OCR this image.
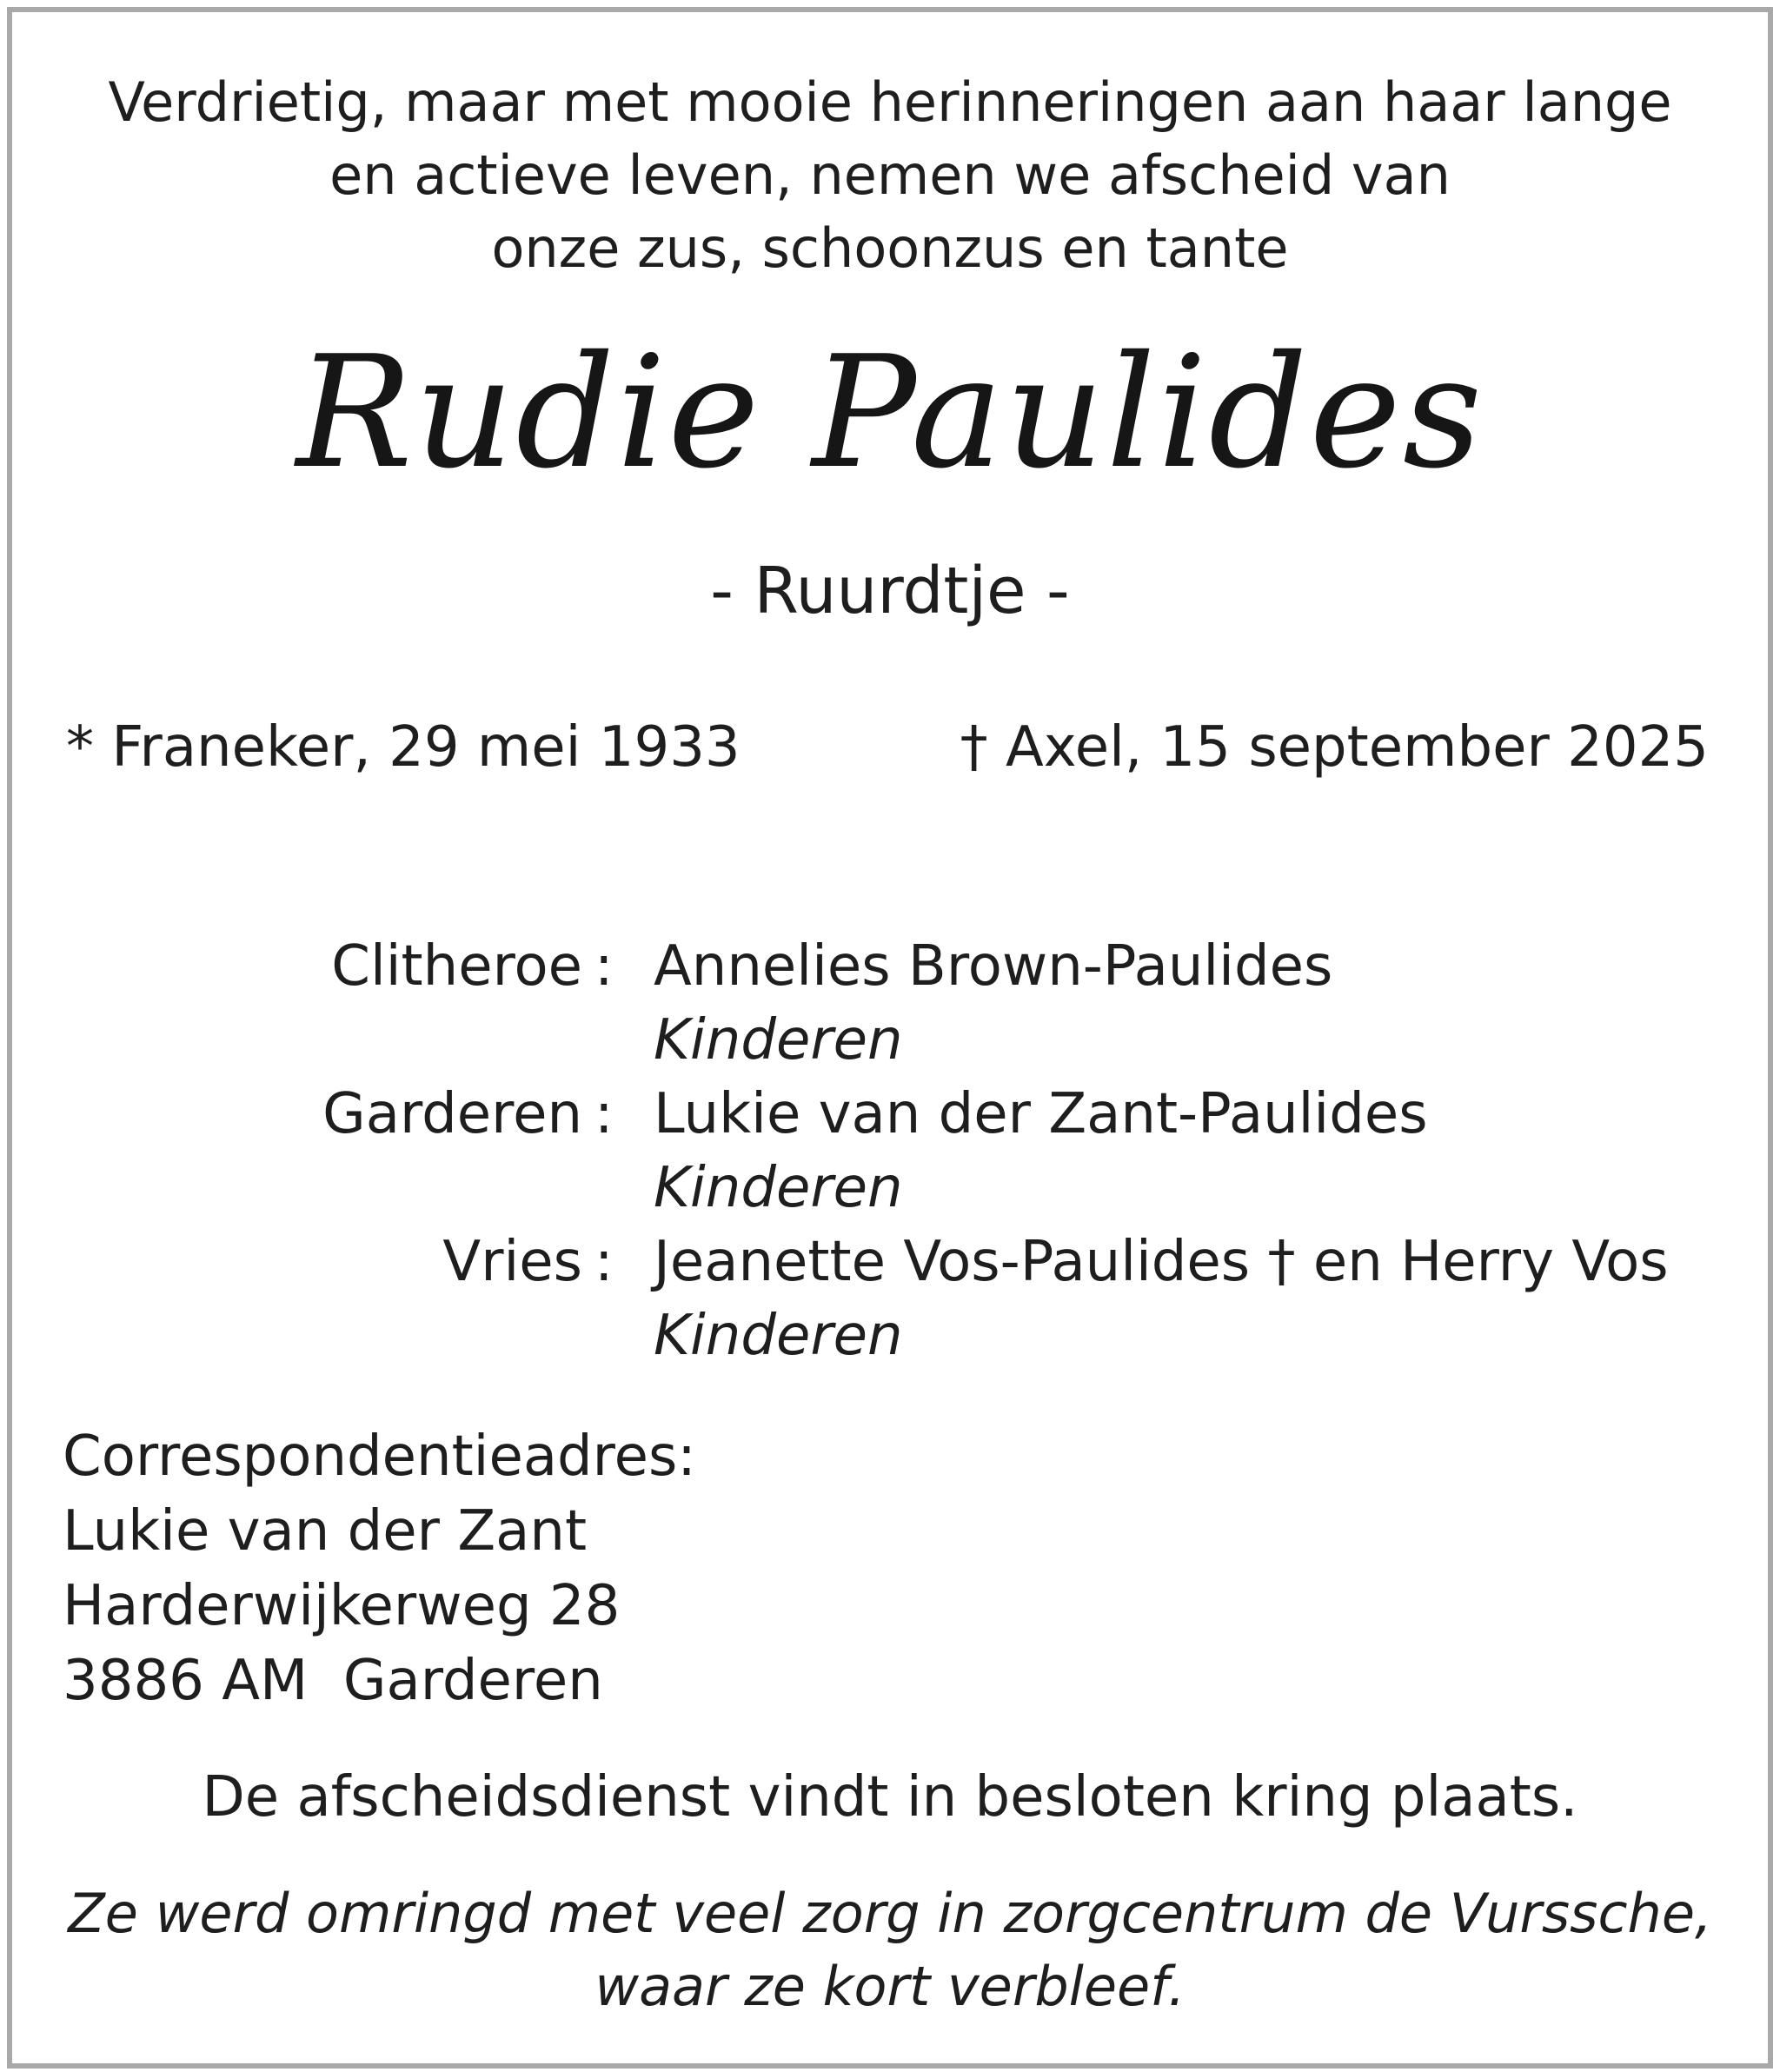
Verdrietig, maar met mooie herinneringen aan haar lange
en actieve leven, nemen we afscheid van
onze zus, schoonzus en tante
Rudie Paulides
- Ruurdtje -
* Franeker, 29 mei 1933	† Axel, 15 september 2025
Clitheroe : Annelies Brown-Paulides
Kinderen
Garderen : Lukie van der Zant-Paulides
Kinderen
Vries : Jeanette Vos-Paulides † en Herry Vos
Kinderen
Correspondentieadres:
Lukie van der Zant
Harderwijkerweg 28
3886 AM  Garderen
De afscheidsdienst vindt in besloten kring plaats.
Ze werd omringd met veel zorg in zorgcentrum de Vurssche,
waar ze kort verbleef.
